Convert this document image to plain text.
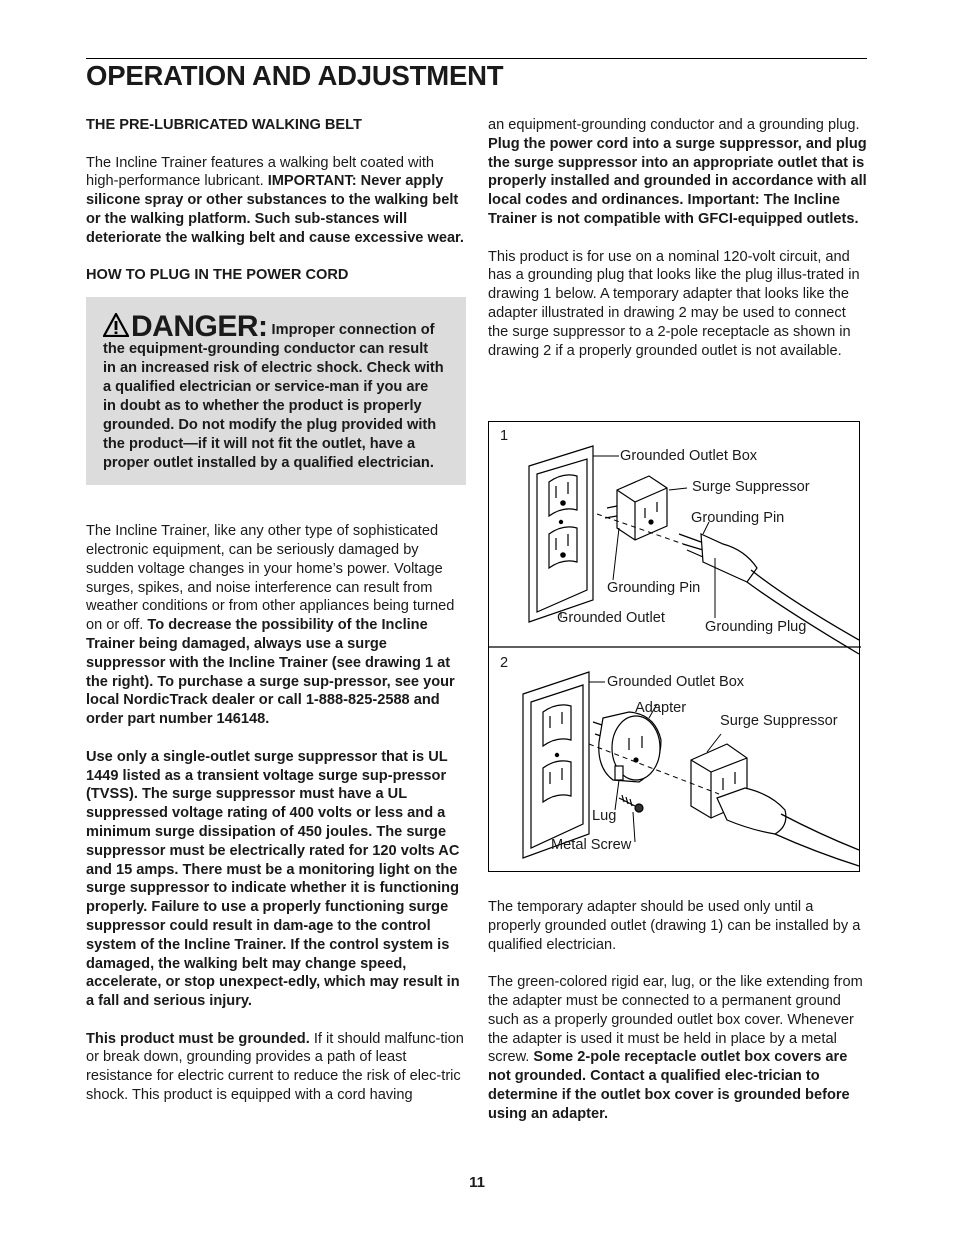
OPERATION AND ADJUSTMENT
THE PRE-LUBRICATED WALKING BELT

The Incline Trainer features a walking belt coated with high-performance lubricant. IMPORTANT: Never apply silicone spray or other substances to the walking belt or the walking platform. Such sub-stances will deteriorate the walking belt and cause excessive wear.

HOW TO PLUG IN THE POWER CORD
DANGER: Improper connection of the equipment-grounding conductor can result in an increased risk of electric shock. Check with a qualified electrician or service-man if you are in doubt as to whether the product is properly grounded. Do not modify the plug provided with the product—if it will not fit the outlet, have a proper outlet installed by a qualified electrician.

The Incline Trainer, like any other type of sophisticated electronic equipment, can be seriously damaged by sudden voltage changes in your home’s power. Voltage surges, spikes, and noise interference can result from weather conditions or from other appliances being turned on or off. To decrease the possibility of the Incline Trainer being damaged, always use a surge suppressor with the Incline Trainer (see drawing 1 at the right). To purchase a surge sup-pressor, see your local NordicTrack dealer or call 1-888-825-2588 and order part number 146148.

Use only a single-outlet surge suppressor that is UL 1449 listed as a transient voltage surge sup-pressor (TVSS). The surge suppressor must have a UL suppressed voltage rating of 400 volts or less and a minimum surge dissipation of 450 joules. The surge suppressor must be electrically rated for 120 volts AC and 15 amps. There must be a monitoring light on the surge suppressor to indicate whether it is functioning properly. Failure to use a properly functioning surge suppressor could result in dam-age to the control system of the Incline Trainer. If the control system is damaged, the walking belt may change speed, accelerate, or stop unexpect-edly, which may result in a fall and serious injury.

This product must be grounded. If it should malfunc-tion or break down, grounding provides a path of least resistance for electric current to reduce the risk of elec-tric shock. This product is equipped with a cord having

an equipment-grounding conductor and a grounding plug. Plug the power cord into a surge suppressor, and plug the surge suppressor into an appropriate outlet that is properly installed and grounded in accordance with all local codes and ordinances. Important: The Incline Trainer is not compatible with GFCI-equipped outlets.

This product is for use on a nominal 120-volt circuit, and has a grounding plug that looks like the plug illus-trated in drawing 1 below. A temporary adapter that looks like the adapter illustrated in drawing 2 may be used to connect the surge suppressor to a 2-pole receptacle as shown in drawing 2 if a properly grounded outlet is not available.

1
Grounded Outlet Box
Surge Suppressor
Grounding Pin
Grounding Pin
Grounded Outlet
Grounding Plug
2
Grounded Outlet Box
Adapter
Surge Suppressor
Lug
Metal Screw

The temporary adapter should be used only until a properly grounded outlet (drawing 1) can be installed by a qualified electrician.

The green-colored rigid ear, lug, or the like extending from the adapter must be connected to a permanent ground such as a properly grounded outlet box cover. Whenever the adapter is used it must be held in place by a metal screw. Some 2-pole receptacle outlet box covers are not grounded. Contact a qualified elec-trician to determine if the outlet box cover is grounded before using an adapter.

11
